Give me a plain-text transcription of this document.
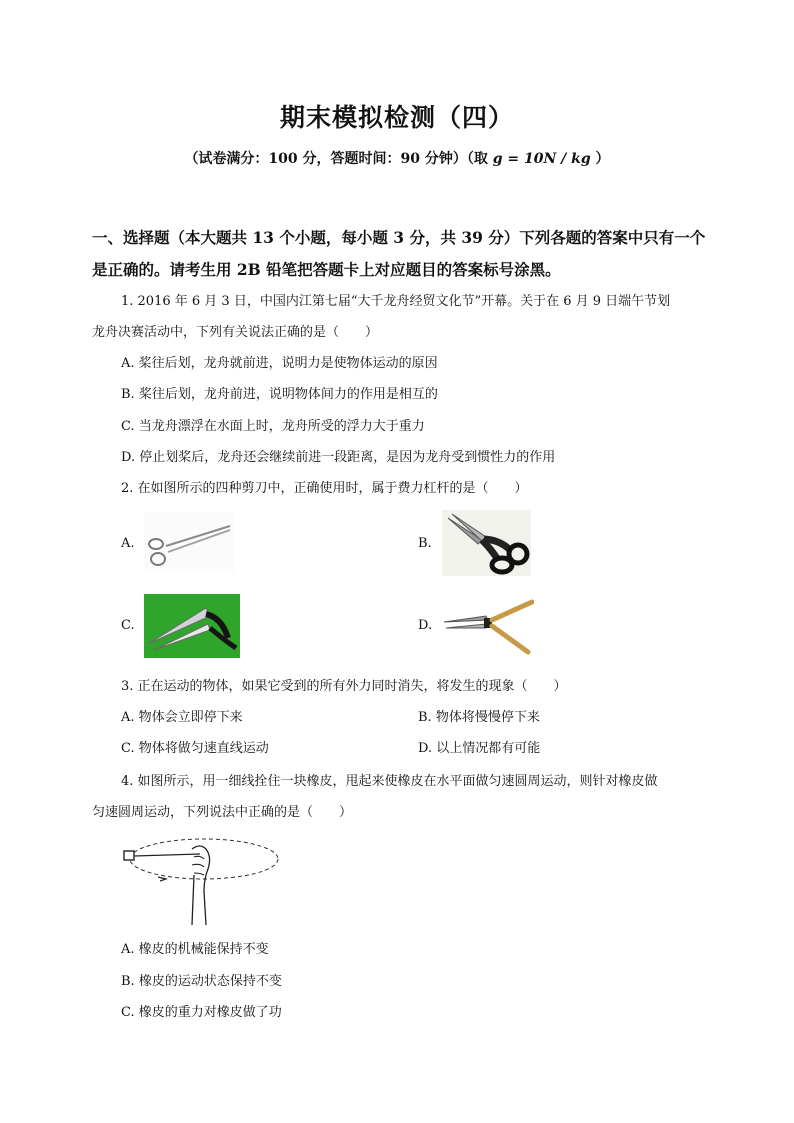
期末模拟检测（四）
（试卷满分：100 分，答题时间：90 分钟）（取 g = 10N / kg ）
一、选择题（本大题共 13 个小题，每小题 3 分，共 39 分）下列各题的答案中只有一个
是正确的。请考生用 2B 铅笔把答题卡上对应题目的答案标号涂黑。
1. 2016 年 6 月 3 日，中国内江第七届“大千龙舟经贸文化节”开幕。关于在 6 月 9 日端午节划
龙舟决赛活动中，下列有关说法正确的是（　　）
A. 桨往后划，龙舟就前进，说明力是使物体运动的原因
B. 桨往后划，龙舟前进，说明物体间力的作用是相互的
C. 当龙舟漂浮在水面上时，龙舟所受的浮力大于重力
D. 停止划桨后，龙舟还会继续前进一段距离，是因为龙舟受到惯性力的作用
2. 在如图所示的四种剪刀中，正确使用时，属于费力杠杆的是（　　）
A.	B.
C.	D.
3. 正在运动的物体，如果它受到的所有外力同时消失，将发生的现象（　　）
A. 物体会立即停下来	B. 物体将慢慢停下来
C. 物体将做匀速直线运动	D. 以上情况都有可能
4. 如图所示，用一细线拴住一块橡皮，甩起来使橡皮在水平面做匀速圆周运动，则针对橡皮做
匀速圆周运动，下列说法中正确的是（　　）
A. 橡皮的机械能保持不变
B. 橡皮的运动状态保持不变
C. 橡皮的重力对橡皮做了功
